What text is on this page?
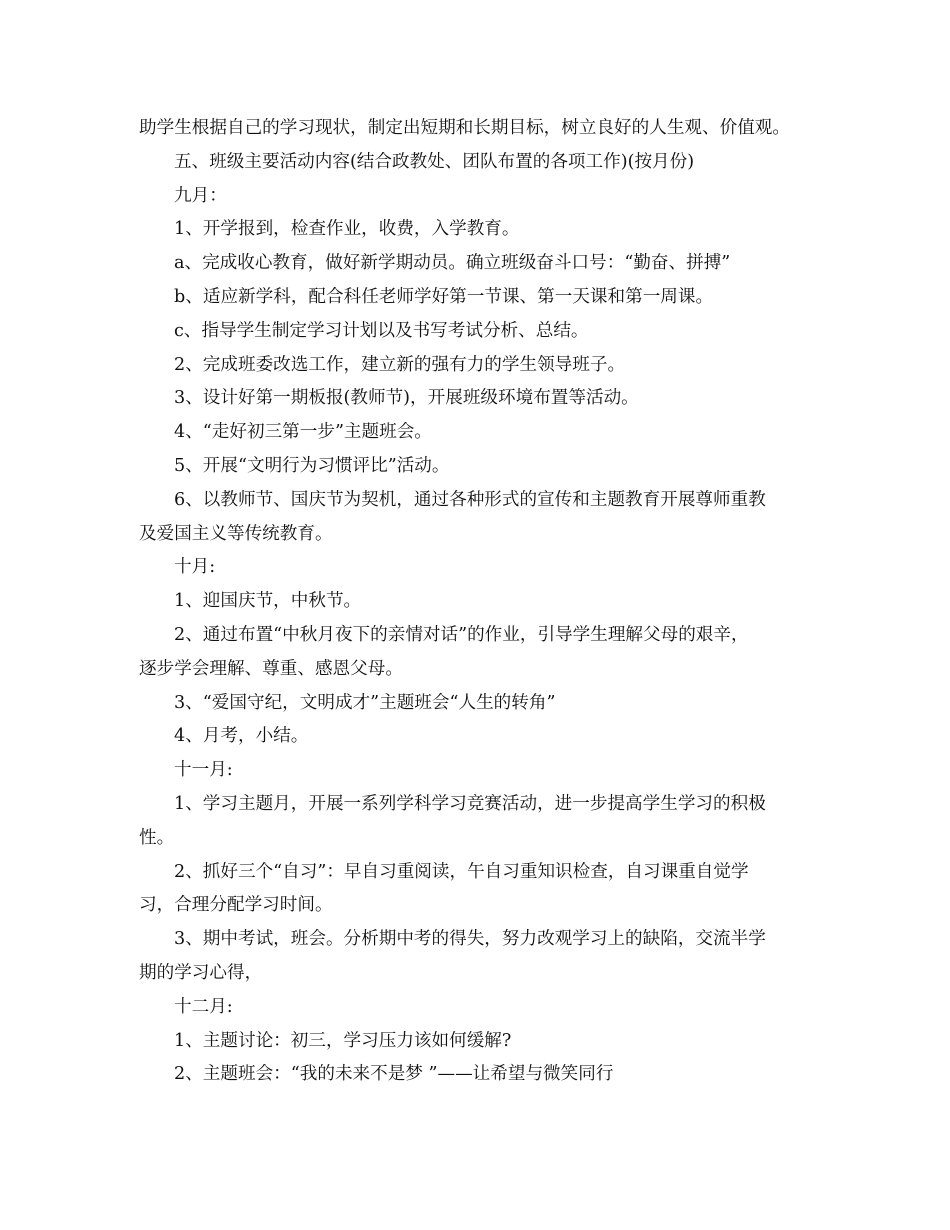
助学生根据自己的学习现状，制定出短期和长期目标，树立良好的人生观、价值观。
五、班级主要活动内容(结合政教处、团队布置的各项工作)(按月份)
九月：
1、开学报到，检查作业，收费，入学教育。
a、完成收心教育，做好新学期动员。确立班级奋斗口号：“勤奋、拼搏”
b、适应新学科，配合科任老师学好第一节课、第一天课和第一周课。
c、指导学生制定学习计划以及书写考试分析、总结。
2、完成班委改选工作，建立新的强有力的学生领导班子。
3、设计好第一期板报(教师节)，开展班级环境布置等活动。
4、“走好初三第一步”主题班会。
5、开展“文明行为习惯评比”活动。
6、以教师节、国庆节为契机，通过各种形式的宣传和主题教育开展尊师重教
及爱国主义等传统教育。
十月:
1、迎国庆节，中秋节。
2、通过布置“中秋月夜下的亲情对话”的作业，引导学生理解父母的艰辛，
逐步学会理解、尊重、感恩父母。
3、“爱国守纪，文明成才”主题班会“人生的转角”
4、月考，小结。
十一月:
1、学习主题月，开展一系列学科学习竞赛活动，进一步提高学生学习的积极
性。
2、抓好三个“自习”：早自习重阅读，午自习重知识检查，自习课重自觉学
习，合理分配学习时间。
3、期中考试，班会。分析期中考的得失，努力改观学习上的缺陷，交流半学
期的学习心得，
十二月:
1、主题讨论：初三，学习压力该如何缓解?
2、主题班会：“我的未来不是梦 ”——让希望与微笑同行
